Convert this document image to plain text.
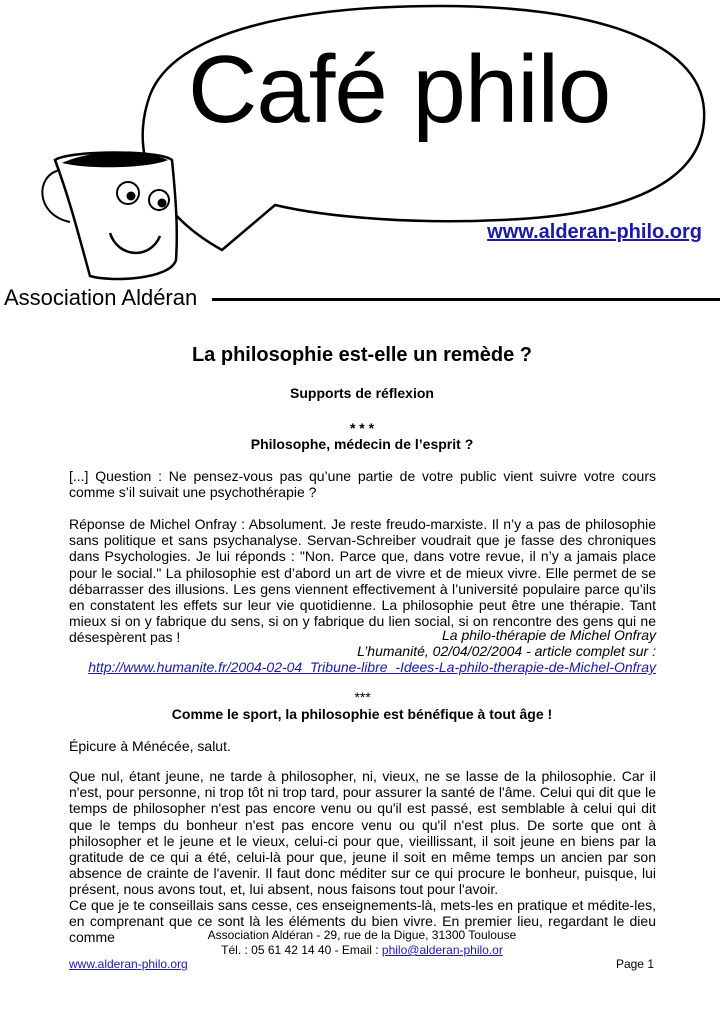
Café philo
www.alderan-philo.org
Association Aldéran
La philosophie est-elle un remède ?
Supports de réflexion
* * *
Philosophe, médecin de l’esprit ?
[...] Question : Ne pensez-vous pas qu’une partie de votre public vient suivre votre cours comme s’il suivait une psychothérapie ?
Réponse de Michel Onfray : Absolument. Je reste freudo-marxiste. Il n’y a pas de philosophie sans politique et sans psychanalyse. Servan-Schreiber voudrait que je fasse des chroniques dans Psychologies. Je lui réponds : "Non. Parce que, dans votre revue, il n’y a jamais place pour le social." La philosophie est d’abord un art de vivre et de mieux vivre. Elle permet de se débarrasser des illusions. Les gens viennent effectivement à l’université populaire parce qu’ils en constatent les effets sur leur vie quotidienne. La philosophie peut être une thérapie. Tant mieux si on y fabrique du sens, si on y fabrique du lien social, si on rencontre des gens qui ne désespèrent pas !	La philo-thérapie de Michel Onfray
L’humanité, 02/04/02/2004 - article complet sur :
http://www.humanite.fr/2004-02-04_Tribune-libre_-Idees-La-philo-therapie-de-Michel-Onfray
***
Comme le sport, la philosophie est bénéfique à tout âge !
Épicure à Ménécée, salut.
Que nul, étant jeune, ne tarde à philosopher, ni, vieux, ne se lasse de la philosophie. Car il n'est, pour personne, ni trop tôt ni trop tard, pour assurer la santé de l'âme. Celui qui dit que le temps de philosopher n'est pas encore venu ou qu'il est passé, est semblable à celui qui dit que le temps du bonheur n'est pas encore venu ou qu'il n'est plus. De sorte que ont à philosopher et le jeune et le vieux, celui-ci pour que, vieillissant, il soit jeune en biens par la gratitude de ce qui a été, celui-là pour que, jeune il soit en même temps un ancien par son absence de crainte de l'avenir. Il faut donc méditer sur ce qui procure le bonheur, puisque, lui présent, nous avons tout, et, lui absent, nous faisons tout pour l'avoir.
Ce que je te conseillais sans cesse, ces enseignements-là, mets-les en pratique et médite-les, en comprenant que ce sont là les éléments du bien vivre. En premier lieu, regardant le dieu comme	Association Aldéran - 29, rue de la Digue, 31300 Toulouse
Tél. : 05 61 42 14 40 - Email : philo@alderan-philo.or
www.alderan-philo.org	Page 1
